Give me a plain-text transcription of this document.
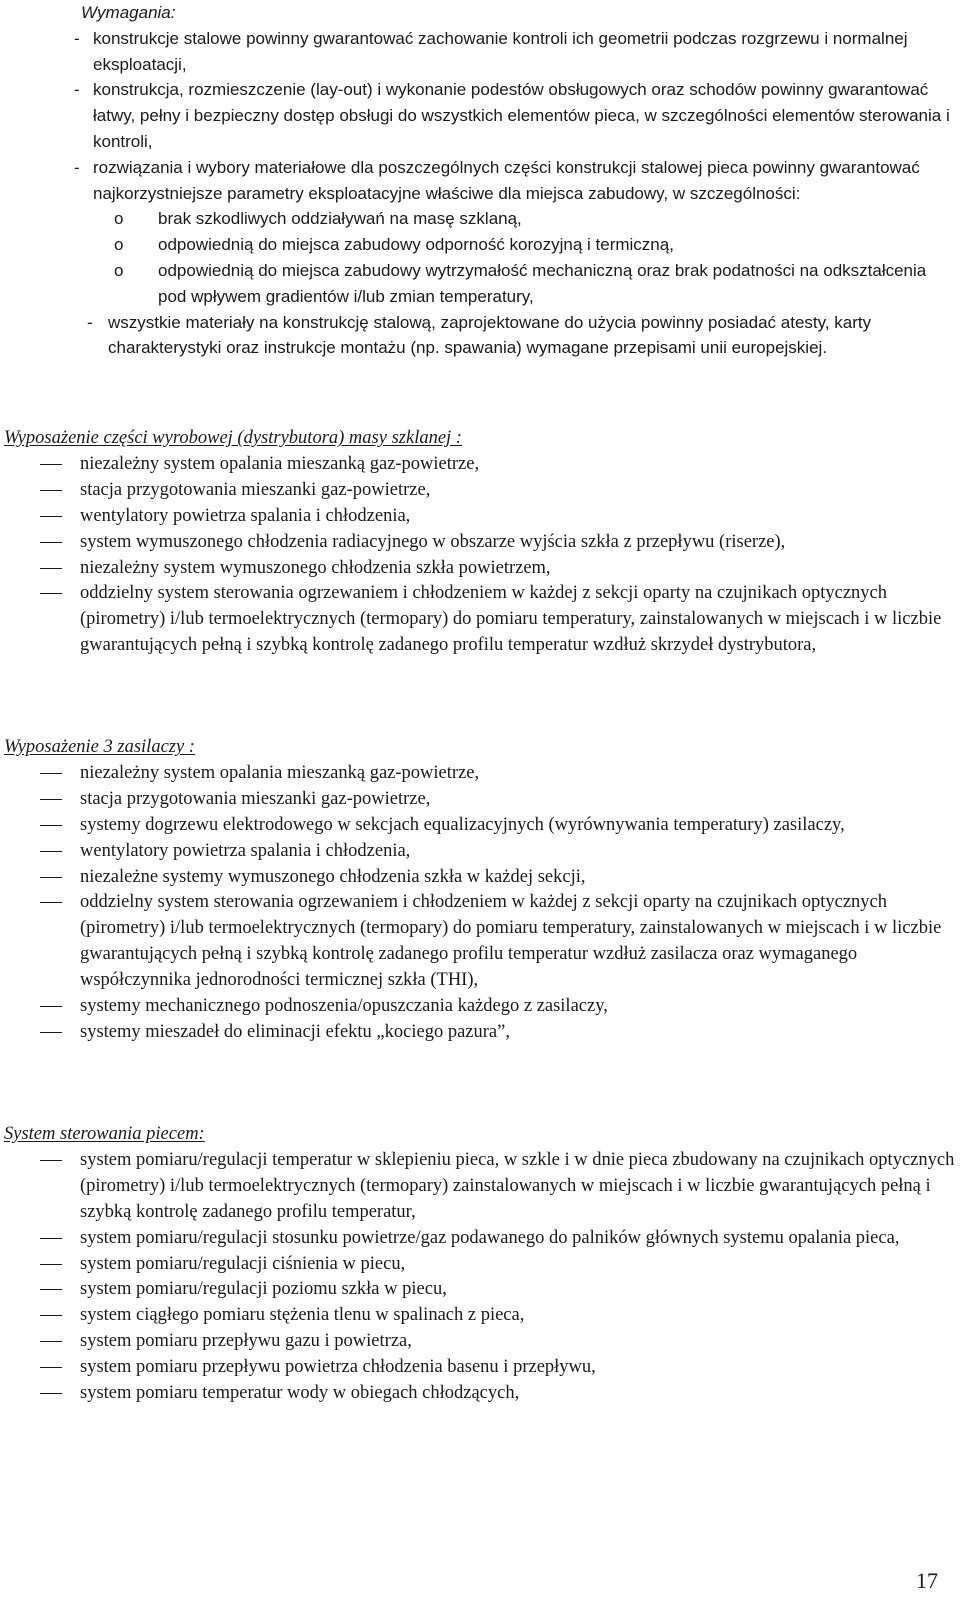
Wymagania:
- konstrukcje stalowe powinny gwarantować zachowanie kontroli ich geometrii podczas rozgrzewu i normalnej eksploatacji,
- konstrukcja, rozmieszczenie (lay-out) i wykonanie podestów obsługowych oraz schodów powinny gwarantować łatwy, pełny i bezpieczny dostęp obsługi do wszystkich elementów pieca, w szczególności elementów sterowania i kontroli,
- rozwiązania i wybory materiałowe dla poszczególnych części konstrukcji stalowej pieca powinny gwarantować najkorzystniejsze parametry eksploatacyjne właściwe dla miejsca zabudowy, w szczególności:
o brak szkodliwych oddziaływań na masę szklaną,
o odpowiednią do miejsca zabudowy odporność korozyjną i termiczną,
o odpowiednią do miejsca zabudowy wytrzymałość mechaniczną oraz brak podatności na odkształcenia pod wpływem gradientów i/lub zmian temperatury,
- wszystkie materiały na konstrukcję stalową, zaprojektowane do użycia powinny posiadać atesty, karty charakterystyki oraz instrukcje montażu (np. spawania) wymagane przepisami unii europejskiej.
Wyposażenie części wyrobowej (dystrybutora) masy szklanej :
niezależny system opalania mieszanką gaz-powietrze,
stacja przygotowania mieszanki gaz-powietrze,
wentylatory powietrza spalania i chłodzenia,
system wymuszonego chłodzenia radiacyjnego w obszarze wyjścia szkła z przepływu (riserze),
niezależny system wymuszonego chłodzenia szkła powietrzem,
oddzielny system sterowania ogrzewaniem i chłodzeniem w każdej z sekcji oparty na czujnikach optycznych (pirometry) i/lub termoelektrycznych (termopary) do pomiaru temperatury, zainstalowanych w miejscach i w liczbie gwarantujących pełną i szybką kontrolę zadanego profilu temperatur wzdłuż skrzydeł dystrybutora,
Wyposażenie 3 zasilaczy :
niezależny system opalania mieszanką gaz-powietrze,
stacja przygotowania mieszanki gaz-powietrze,
systemy dogrzewu elektrodowego w sekcjach equalizacyjnych (wyrównywania temperatury) zasilaczy,
wentylatory powietrza spalania i chłodzenia,
niezależne systemy wymuszonego chłodzenia szkła w każdej sekcji,
oddzielny system sterowania ogrzewaniem i chłodzeniem w każdej z sekcji oparty na czujnikach optycznych (pirometry) i/lub termoelektrycznych (termopary) do pomiaru temperatury, zainstalowanych w miejscach i w liczbie gwarantujących pełną i szybką kontrolę zadanego profilu temperatur wzdłuż zasilacza oraz wymaganego współczynnika jednorodności termicznej szkła (THI),
systemy mechanicznego podnoszenia/opuszczania każdego z zasilaczy,
systemy mieszadeł do eliminacji efektu „kociego pazura”,
System sterowania piecem:
system pomiaru/regulacji temperatur w sklepieniu pieca, w szkle i w dnie pieca zbudowany na czujnikach optycznych (pirometry) i/lub termoelektrycznych (termopary) zainstalowanych w miejscach i w liczbie gwarantujących pełną i szybką kontrolę zadanego profilu temperatur,
system pomiaru/regulacji stosunku powietrze/gaz podawanego do palników głównych systemu opalania pieca,
system pomiaru/regulacji ciśnienia w piecu,
system pomiaru/regulacji poziomu szkła w piecu,
system ciągłego pomiaru stężenia tlenu w spalinach z pieca,
system pomiaru przepływu gazu i powietrza,
system pomiaru przepływu powietrza chłodzenia basenu i przepływu,
system pomiaru temperatur wody w obiegach chłodzących,
17
